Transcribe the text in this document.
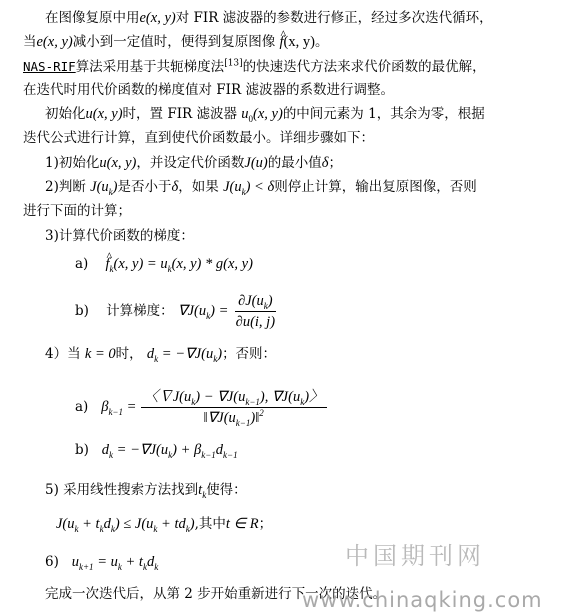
在图像复原中用e(x, y)对 FIR 滤波器的参数进行修正，经过多次迭代循环，
当e(x, y)减小到一定值时，便得到复原图像 ^ f(x, y)。
NAS-RIF算法采用基于共轭梯度法[13]的快速迭代方法来求代价函数的最优解，
在迭代时用代价函数的梯度值对 FIR 滤波器的系数进行调整。
初始化u(x, y)时，置 FIR 滤波器 $u_0(x$, y)的中间元素为 1，其余为零，根据
迭代公式进行计算，直到使代价函数最小。详细步骤如下：
1)初始化u(x, y)，并设定代价函数J(u)的最小值δ；
2)判断 $J(u_k)$是否小于δ，如果 $J(u_k) < \delta$则停止计算，输出复原图像，否则
进行下面的计算；
3)计算代价函数的梯度：
a) ^ $f_k(x$, $y) = u_k(x$, y) * g(x, y)
b) 计算梯度： $\nabla J(u_k) = \frac{\partial J(u_k)}{\partial u(i, j)}$
4）当 k = 0时， $d_k = -\nabla J(u_k)$；否则：
a) $\beta_{k-1} = \frac{〈\nabla J(u_k) - \nabla J(u_{k-1}), \nabla J(u_k)〉}{‖\nabla J(u_{k-1})‖^2}$
b) $d_k = -\nabla J(u_k) + \beta_{k-1}d_{k-1}$
5) 采用线性搜索方法找到$t_k$使得：
$J(u_k + t_kd_k) \le J(u_k + td_k)$,其中t ∈ R；
6) $u_{k+1} = u_k + t_kd_k$
完成一次迭代后，从第 2 步开始重新进行下一次的迭代。
中国期刊网
www.chinaqking.com
